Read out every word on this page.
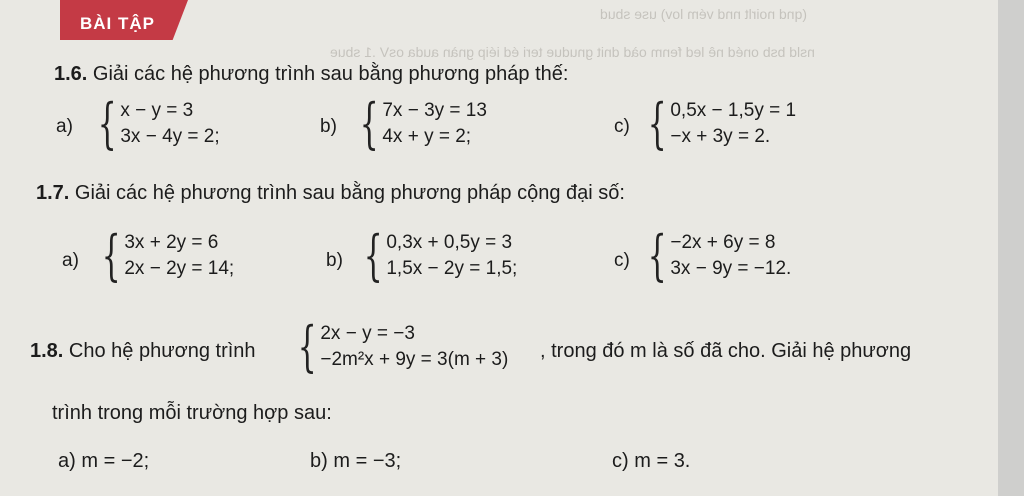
(qnd noirlt nnd vém lov) use sbud
nsld bsb onéd nê led fenm oàd dnit gnudue teri éd iéip gnàn auda osV .1 sbue
BÀI TẬP
1.6. Giải các hệ phương trình sau bằng phương pháp thế:
a) { x − y = 3
3x − 4y = 2;	b) { 7x − 3y = 13
4x + y = 2;	c) { 0,5x − 1,5y = 1
−x + 3y = 2.
1.7. Giải các hệ phương trình sau bằng phương pháp cộng đại số:
a) { 3x + 2y = 6
2x − 2y = 14;	b) { 0,3x + 0,5y = 3
1,5x − 2y = 1,5;	c) { −2x + 6y = 8
3x − 9y = −12.
1.8. Cho hệ phương trình { 2x − y = −3
−2m²x + 9y = 3(m + 3) , trong đó m là số đã cho. Giải hệ phương
trình trong mỗi trường hợp sau:
a) m = −2;	b) m = −3;	c) m = 3.
